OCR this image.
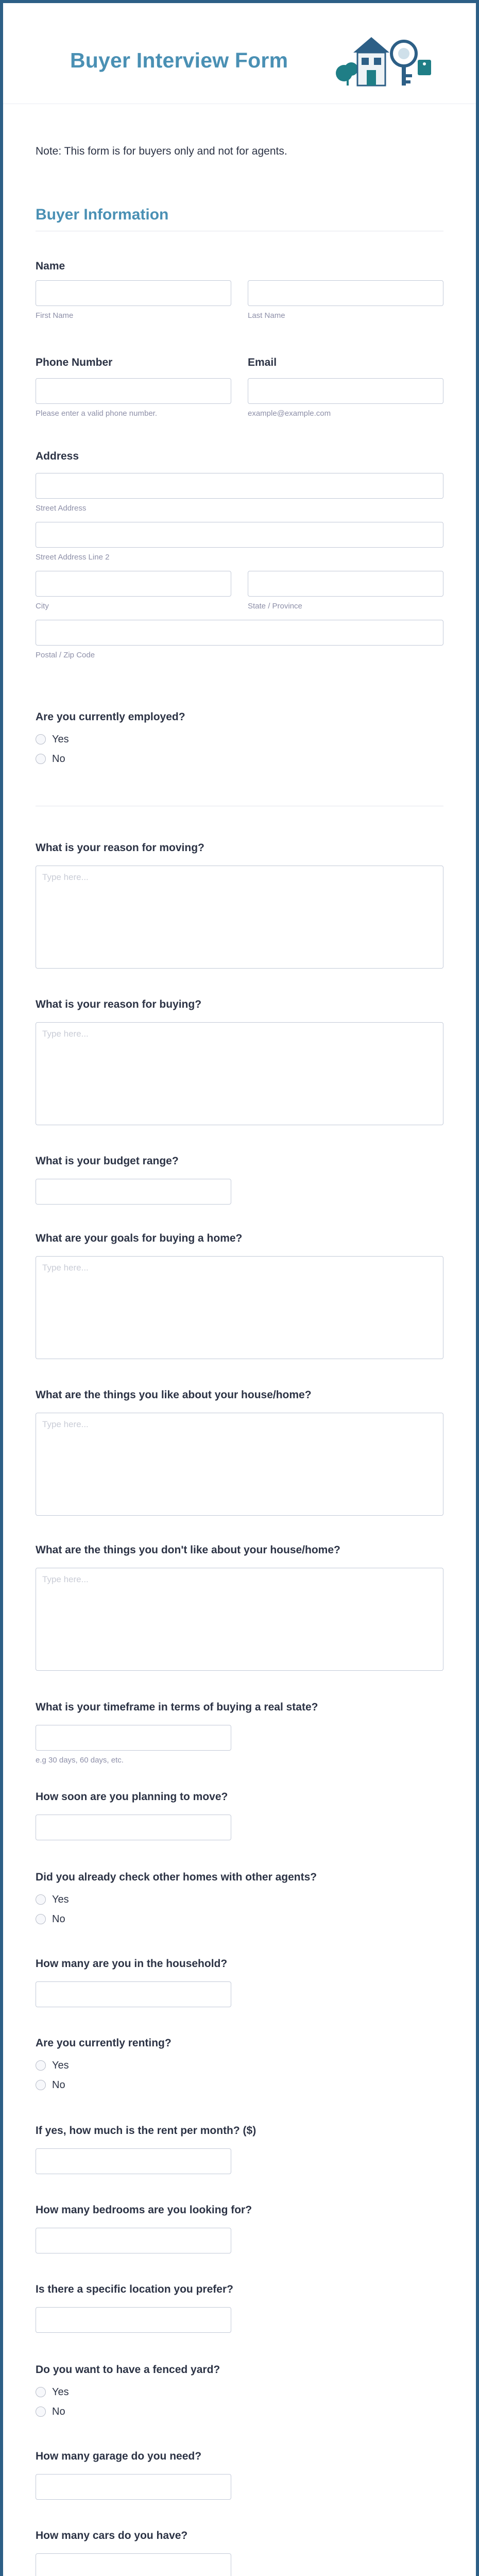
Buyer Interview Form
Note: This form is for buyers only and not for agents.
Buyer Information
Name
First Name	Last Name
Phone Number
Please enter a valid phone number.
Email
example@example.com
Address
Street Address
Street Address Line 2
City	State / Province
Postal / Zip Code
Are you currently employed?
Yes
No
What is your reason for moving?
Type here...
What is your reason for buying?
Type here...
What is your budget range?
What are your goals for buying a home?
Type here...
What are the things you like about your house/home?
Type here...
What are the things you don't like about your house/home?
Type here...
What is your timeframe in terms of buying a real state?
e.g 30 days, 60 days, etc.
How soon are you planning to move?
Did you already check other homes with other agents?
Yes
No
How many are you in the household?
Are you currently renting?
Yes
No
If yes, how much is the rent per month? ($)
How many bedrooms are you looking for?
Is there a specific location you prefer?
Do you want to have a fenced yard?
Yes
No
How many garage do you need?
How many cars do you have?
